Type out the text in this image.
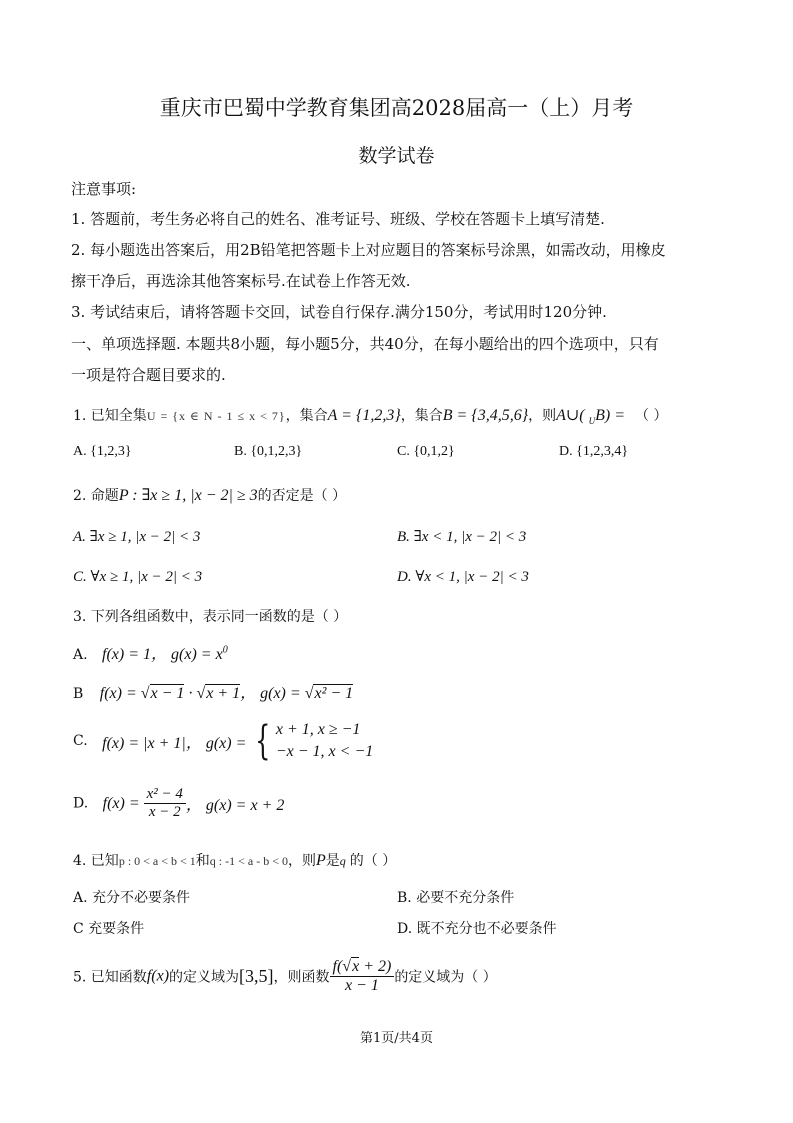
重庆市巴蜀中学教育集团高2028届高一（上）月考
数学试卷
注意事项:
1. 答题前，考生务必将自己的姓名、准考证号、班级、学校在答题卡上填写清楚.
2. 每小题选出答案后，用2B铅笔把答题卡上对应题目的答案标号涂黑，如需改动，用橡皮
擦干净后，再选涂其他答案标号.在试卷上作答无效.
3. 考试结束后，请将答题卡交回，试卷自行保存.满分150分，考试用时120分钟.
一、单项选择题. 本题共8小题，每小题5分，共40分，在每小题给出的四个选项中，只有
一项是符合题目要求的.
1. 已知全集U = {x ∈ N - 1 ≤ x < 7}，集合A = {1,2,3}，集合B = {3,4,5,6}，则A∪( $_U$B) = （ ）
A. {1,2,3}	B. {0,1,2,3}	C. {0,1,2}	D. {1,2,3,4}
2. 命题P : ∃x ≥ 1, |x − 2| ≥ 3的否定是（ ）
A. ∃x ≥ 1, |x − 2| < 3	B. ∃x < 1, |x − 2| < 3
C. ∀x ≥ 1, |x − 2| < 3	D. ∀x < 1, |x − 2| < 3
3. 下列各组函数中，表示同一函数的是（ ）
A. f(x) = 1， $g(x) = x^0$
B f(x) = √x − 1 · √x + 1， g(x) = √x² − 1
C. f(x) = |x + 1|， g(x) = { x + 1, x ≥ −1
−x − 1, x < −1
D. $f(x) = \frac{\text{x² − 4}}{x - 2}$ ， g(x) = x + 2
4. 已知p : 0 < a < b < 1和q : -1 < a - b < 0，则P是q 的（ ）
A. 充分不必要条件	B. 必要不充分条件
C 充要条件	D. 既不充分也不必要条件
5. 已知函数f(x)的定义域为[3,5]，则函数 $\frac{f(√x + 2)}{x - 1}$ 的定义域为（ ）
第1页/共4页
